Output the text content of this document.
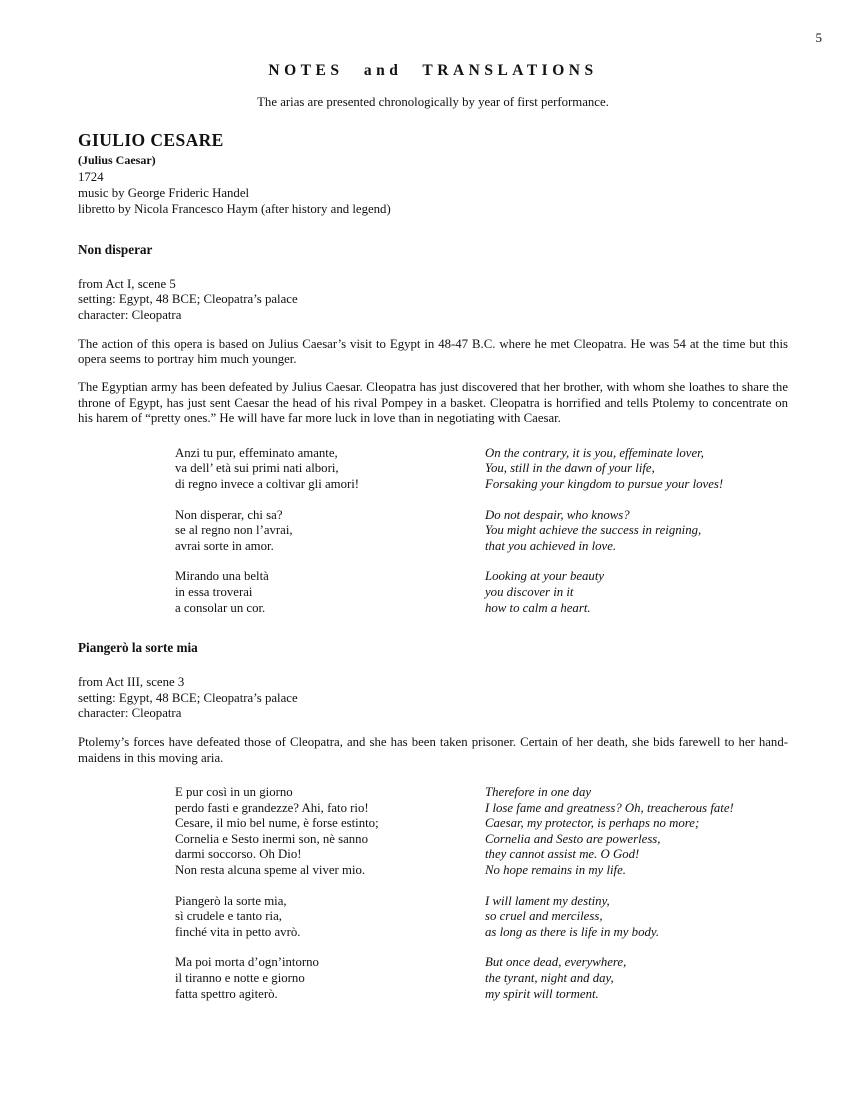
5
NOTES and TRANSLATIONS
The arias are presented chronologically by year of first performance.
GIULIO CESARE
(Julius Caesar)
1724
music by George Frideric Handel
libretto by Nicola Francesco Haym (after history and legend)
Non disperar
from Act I, scene 5
setting: Egypt, 48 BCE; Cleopatra’s palace
character: Cleopatra

The action of this opera is based on Julius Caesar’s visit to Egypt in 48-47 B.C. where he met Cleopatra. He was 54 at the time but this opera seems to portray him much younger.

The Egyptian army has been defeated by Julius Caesar. Cleopatra has just discovered that her brother, with whom she loathes to share the throne of Egypt, has just sent Caesar the head of his rival Pompey in a basket. Cleopatra is horrified and tells Ptolemy to concentrate on his harem of “pretty ones.” He will have far more luck in love than in negotiating with Caesar.

Anzi tu pur, effeminato amante,
va dell’ età sui primi nati albori,
di regno invece a coltivar gli amori!
On the contrary, it is you, effeminate lover,
You, still in the dawn of your life,
Forsaking your kingdom to pursue your loves!
Non disperar, chi sa?
se al regno non l’avrai,
avrai sorte in amor.
Do not despair, who knows?
You might achieve the success in reigning,
that you achieved in love.
Mirando una beltà
in essa troverai
a consolar un cor.
Looking at your beauty
you discover in it
how to calm a heart.
Piangerò la sorte mia
from Act III, scene 3
setting: Egypt, 48 BCE; Cleopatra’s palace
character: Cleopatra

Ptolemy’s forces have defeated those of Cleopatra, and she has been taken prisoner. Certain of her death, she bids farewell to her hand-maidens in this moving aria.

E pur così in un giorno
perdo fasti e grandezze? Ahi, fato rio!
Cesare, il mio bel nume, è forse estinto;
Cornelia e Sesto inermi son, nè sanno
darmi soccorso. Oh Dio!
Non resta alcuna speme al viver mio.
Therefore in one day
I lose fame and greatness? Oh, treacherous fate!
Caesar, my protector, is perhaps no more;
Cornelia and Sesto are powerless,
they cannot assist me. O God!
No hope remains in my life.
Piangerò la sorte mia,
sì crudele e tanto ria,
finché vita in petto avrò.
I will lament my destiny,
so cruel and merciless,
as long as there is life in my body.
Ma poi morta d’ogn’intorno
il tiranno e notte e giorno
fatta spettro agiterò.
But once dead, everywhere,
the tyrant, night and day,
my spirit will torment.
